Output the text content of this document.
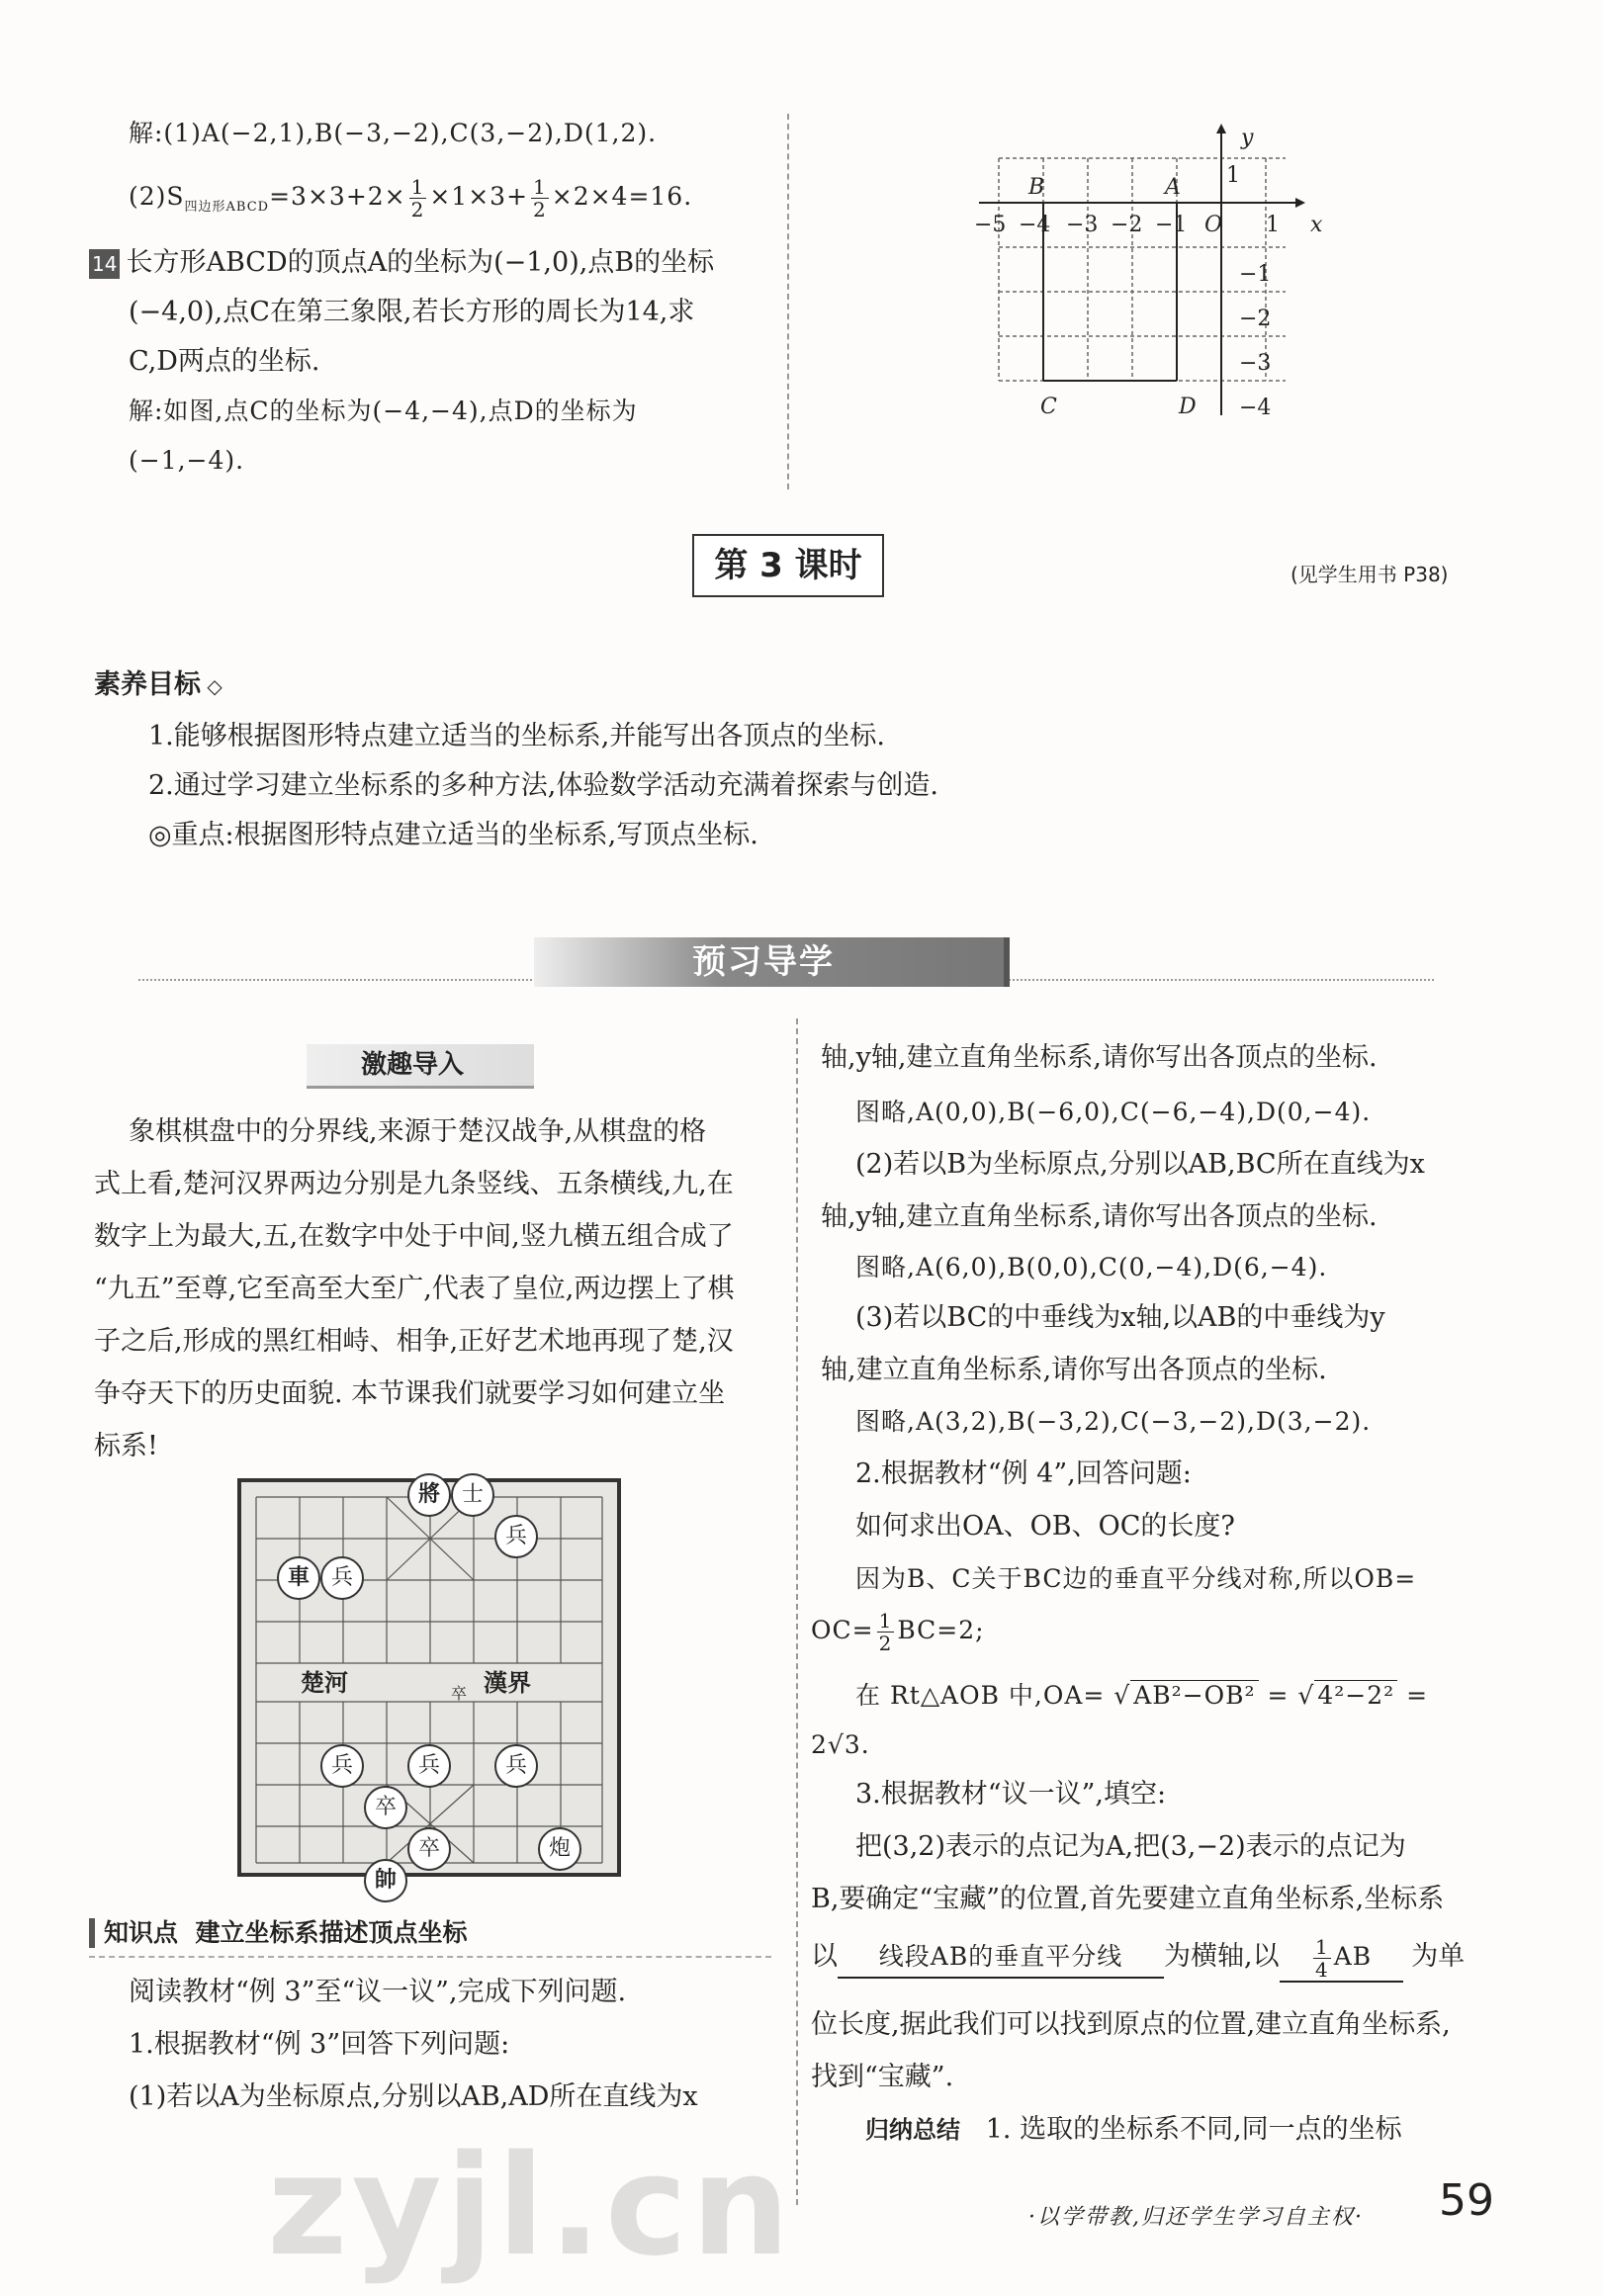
解:(1)A(−2,1),B(−3,−2),C(3,−2),D(1,2).
$(2)S_{四边形ABCD}=3\times 3+2\times \frac{1}{2} \times 1\times 3+ \frac{1}{2} \times 2\times 4=16$.
14 长方形ABCD的顶点A的坐标为(−1,0),点B的坐标
(−4,0),点C在第三象限,若长方形的周长为14,求
C,D两点的坐标.
解:如图,点C的坐标为(−4,−4),点D的坐标为
(−1,−4).
y
x
−5 −4 −3 −2 −1 O 1
1
−1
−2
−3
−4
B	A
C	D
第 3 课时	(见学生用书 P38)
素养目标 ◇
1.能够根据图形特点建立适当的坐标系,并能写出各顶点的坐标.
2.通过学习建立坐标系的多种方法,体验数学活动充满着探索与创造.
◎重点:根据图形特点建立适当的坐标系,写顶点坐标.
预习导学
激趣导入
象棋棋盘中的分界线,来源于楚汉战争,从棋盘的格
式上看,楚河汉界两边分别是九条竖线、五条横线,九,在
数字上为最大,五,在数字中处于中间,竖九横五组合成了
“九五”至尊,它至高至大至广,代表了皇位,两边摆上了棋
子之后,形成的黑红相峙、相争,正好艺术地再现了楚,汉
争夺天下的历史面貌. 本节课我们就要学习如何建立坐
标系!
楚河	漢界
將 士
兵
車 兵
兵	兵	兵
卒
卒	炮
帥
知识点 建立坐标系描述顶点坐标
阅读教材“例 3”至“议一议”,完成下列问题.
1.根据教材“例 3”回答下列问题:
(1)若以A为坐标原点,分别以AB,AD所在直线为x
轴,y轴,建立直角坐标系,请你写出各顶点的坐标.
图略,A(0,0),B(−6,0),C(−6,−4),D(0,−4).
(2)若以B为坐标原点,分别以AB,BC所在直线为x
轴,y轴,建立直角坐标系,请你写出各顶点的坐标.
图略,A(6,0),B(0,0),C(0,−4),D(6,−4).
(3)若以BC的中垂线为x轴,以AB的中垂线为y
轴,建立直角坐标系,请你写出各顶点的坐标.
图略,A(3,2),B(−3,2),C(−3,−2),D(3,−2).
2.根据教材“例 4”,回答问题:
如何求出OA、OB、OC的长度?
因为B、C关于BC边的垂直平分线对称,所以OB=
$OC= \frac{1}{2} BC=2$;
在 Rt△AOB 中,OA= √ AB²−OB² = √ 4²−2² =
2√3.
3.根据教材“议一议”,填空:
把(3,2)表示的点记为A,把(3,−2)表示的点记为
B,要确定“宝藏”的位置,首先要建立直角坐标系,坐标系
以 线段AB的垂直平分线 为横轴,以 $\frac{1}{4}$ AB 为单
位长度,据此我们可以找到原点的位置,建立直角坐标系,
找到“宝藏”.
归纳总结 1. 选取的坐标系不同,同一点的坐标
·以学带教,归还学生学习自主权· 59
zyjl.cn
